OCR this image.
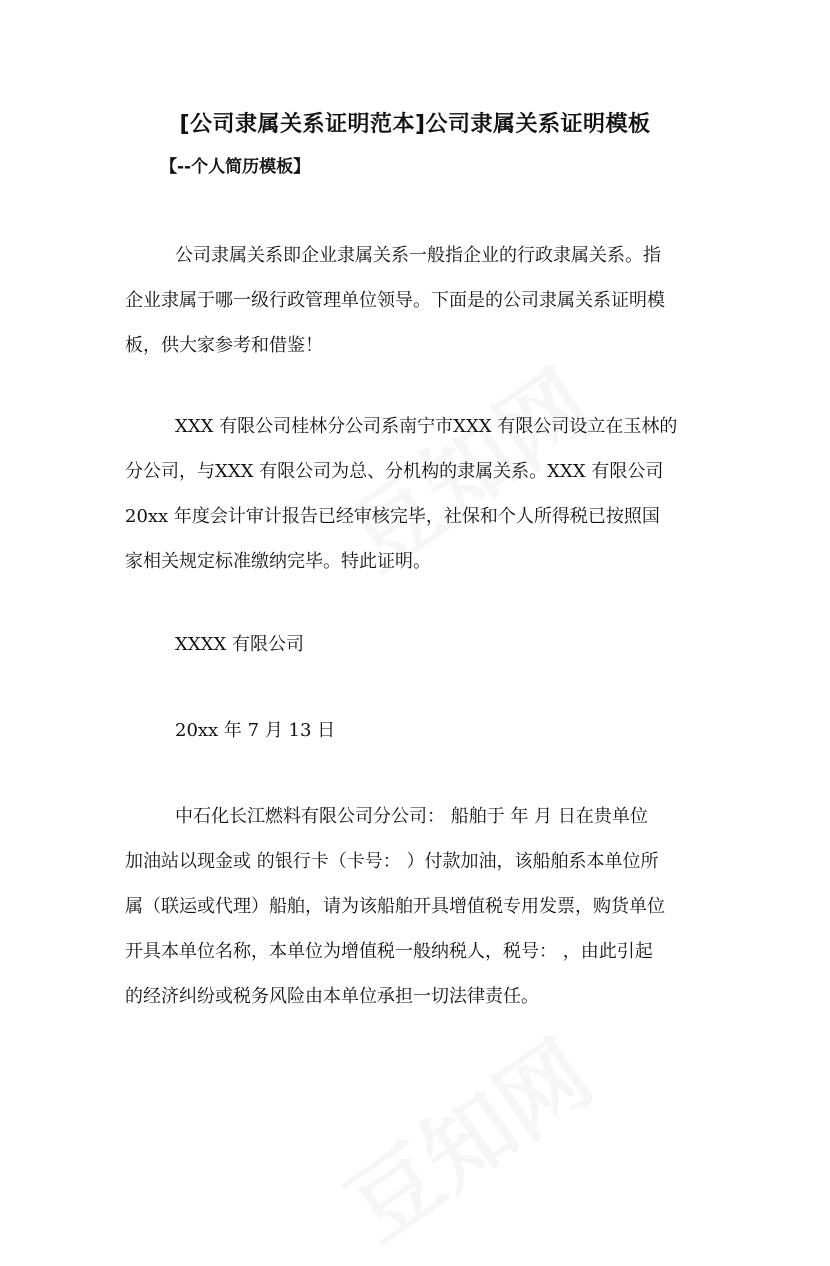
[公司隶属关系证明范本]公司隶属关系证明模板
【--个人简历模板】
公司隶属关系即企业隶属关系一般指企业的行政隶属关系。指
企业隶属于哪一级行政管理单位领导。下面是的公司隶属关系证明模
板，供大家参考和借鉴！
XXX 有限公司桂林分公司系南宁市XXX 有限公司设立在玉林的
分公司，与XXX 有限公司为总、分机构的隶属关系。XXX 有限公司
20xx 年度会计审计报告已经审核完毕，社保和个人所得税已按照国
家相关规定标准缴纳完毕。特此证明。
XXXX 有限公司
20xx 年 7 月 13 日
中石化长江燃料有限公司分公司： 船舶于 年 月 日在贵单位
加油站以现金或 的银行卡（卡号： ）付款加油，该船舶系本单位所
属（联运或代理）船舶，请为该船舶开具增值税专用发票，购货单位
开具本单位名称，本单位为增值税一般纳税人，税号： ，由此引起
的经济纠纷或税务风险由本单位承担一切法律责任。
